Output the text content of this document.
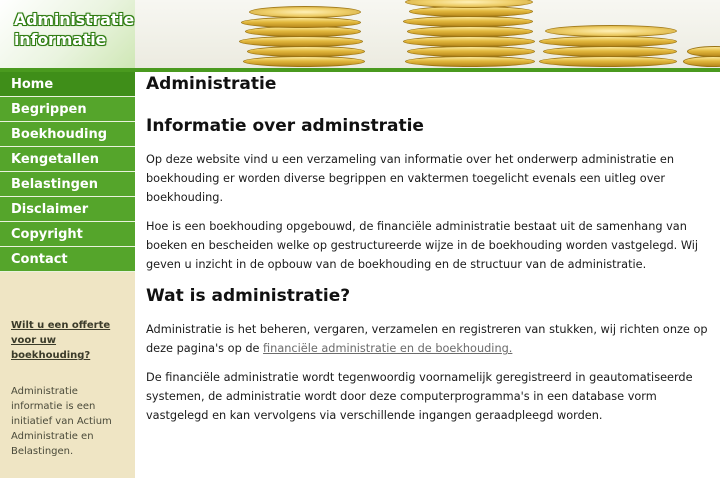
Administratie
informatie
Home
Begrippen
Boekhouding
Kengetallen
Belastingen
Disclaimer
Copyright
Contact
Wilt u een offerte voor uw boekhouding?

Administratie informatie is een initiatief van Actium Administratie en Belastingen.

Administratie
Informatie over adminstratie

Op deze website vind u een verzameling van informatie over het onderwerp administratie en boekhouding er worden diverse begrippen en vaktermen toegelicht evenals een uitleg over boekhouding.

Hoe is een boekhouding opgebouwd, de financiële administratie bestaat uit de samenhang van boeken en bescheiden welke op gestructureerde wijze in de boekhouding worden vastgelegd. Wij geven u inzicht in de opbouw van de boekhouding en de structuur van de administratie.

Wat is administratie?

Administratie is het beheren, vergaren, verzamelen en registreren van stukken, wij richten onze op deze pagina's op de financiële administratie en de boekhouding.

De financiële administratie wordt tegenwoordig voornamelijk geregistreerd in geautomatiseerde systemen, de administratie wordt door deze computerprogramma's in een database vorm vastgelegd en kan vervolgens via verschillende ingangen geraadpleegd worden.
